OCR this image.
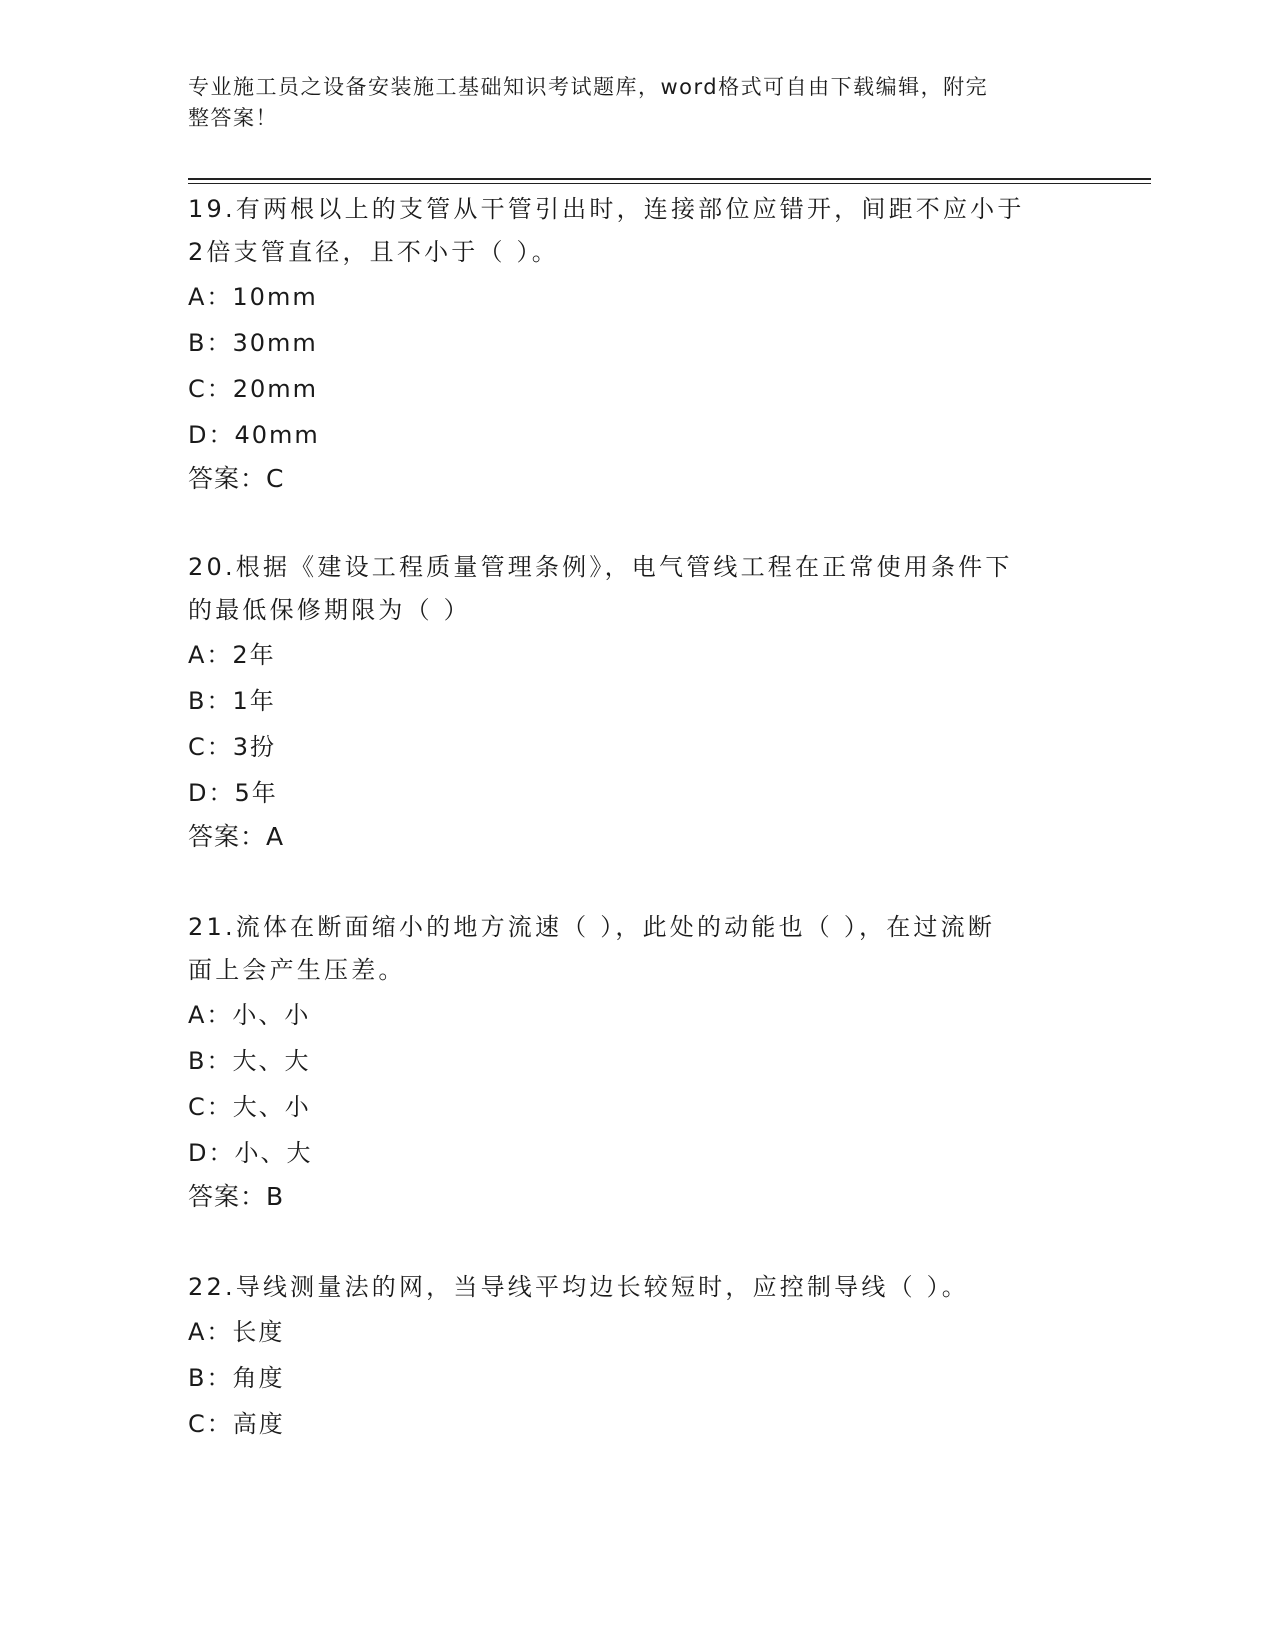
专业施工员之设备安装施工基础知识考试题库，word格式可自由下载编辑，附完
整答案！

19.有两根以上的支管从干管引出时，连接部位应错开，间距不应小于

2倍支管直径，且不小于（ ）。

A：10mm

B：30mm

C：20mm

D：40mm

答案：C

20.根据《建设工程质量管理条例》，电气管线工程在正常使用条件下

的最低保修期限为（ ）

A：2年

B：1年

C：3扮

D：5年

答案：A

21.流体在断面缩小的地方流速（ ），此处的动能也（ ），在过流断

面上会产生压差。

A：小、小

B：大、大

C：大、小

D：小、大

答案：B

22.导线测量法的网，当导线平均边长较短时，应控制导线（ ）。

A：长度

B：角度

C：高度
